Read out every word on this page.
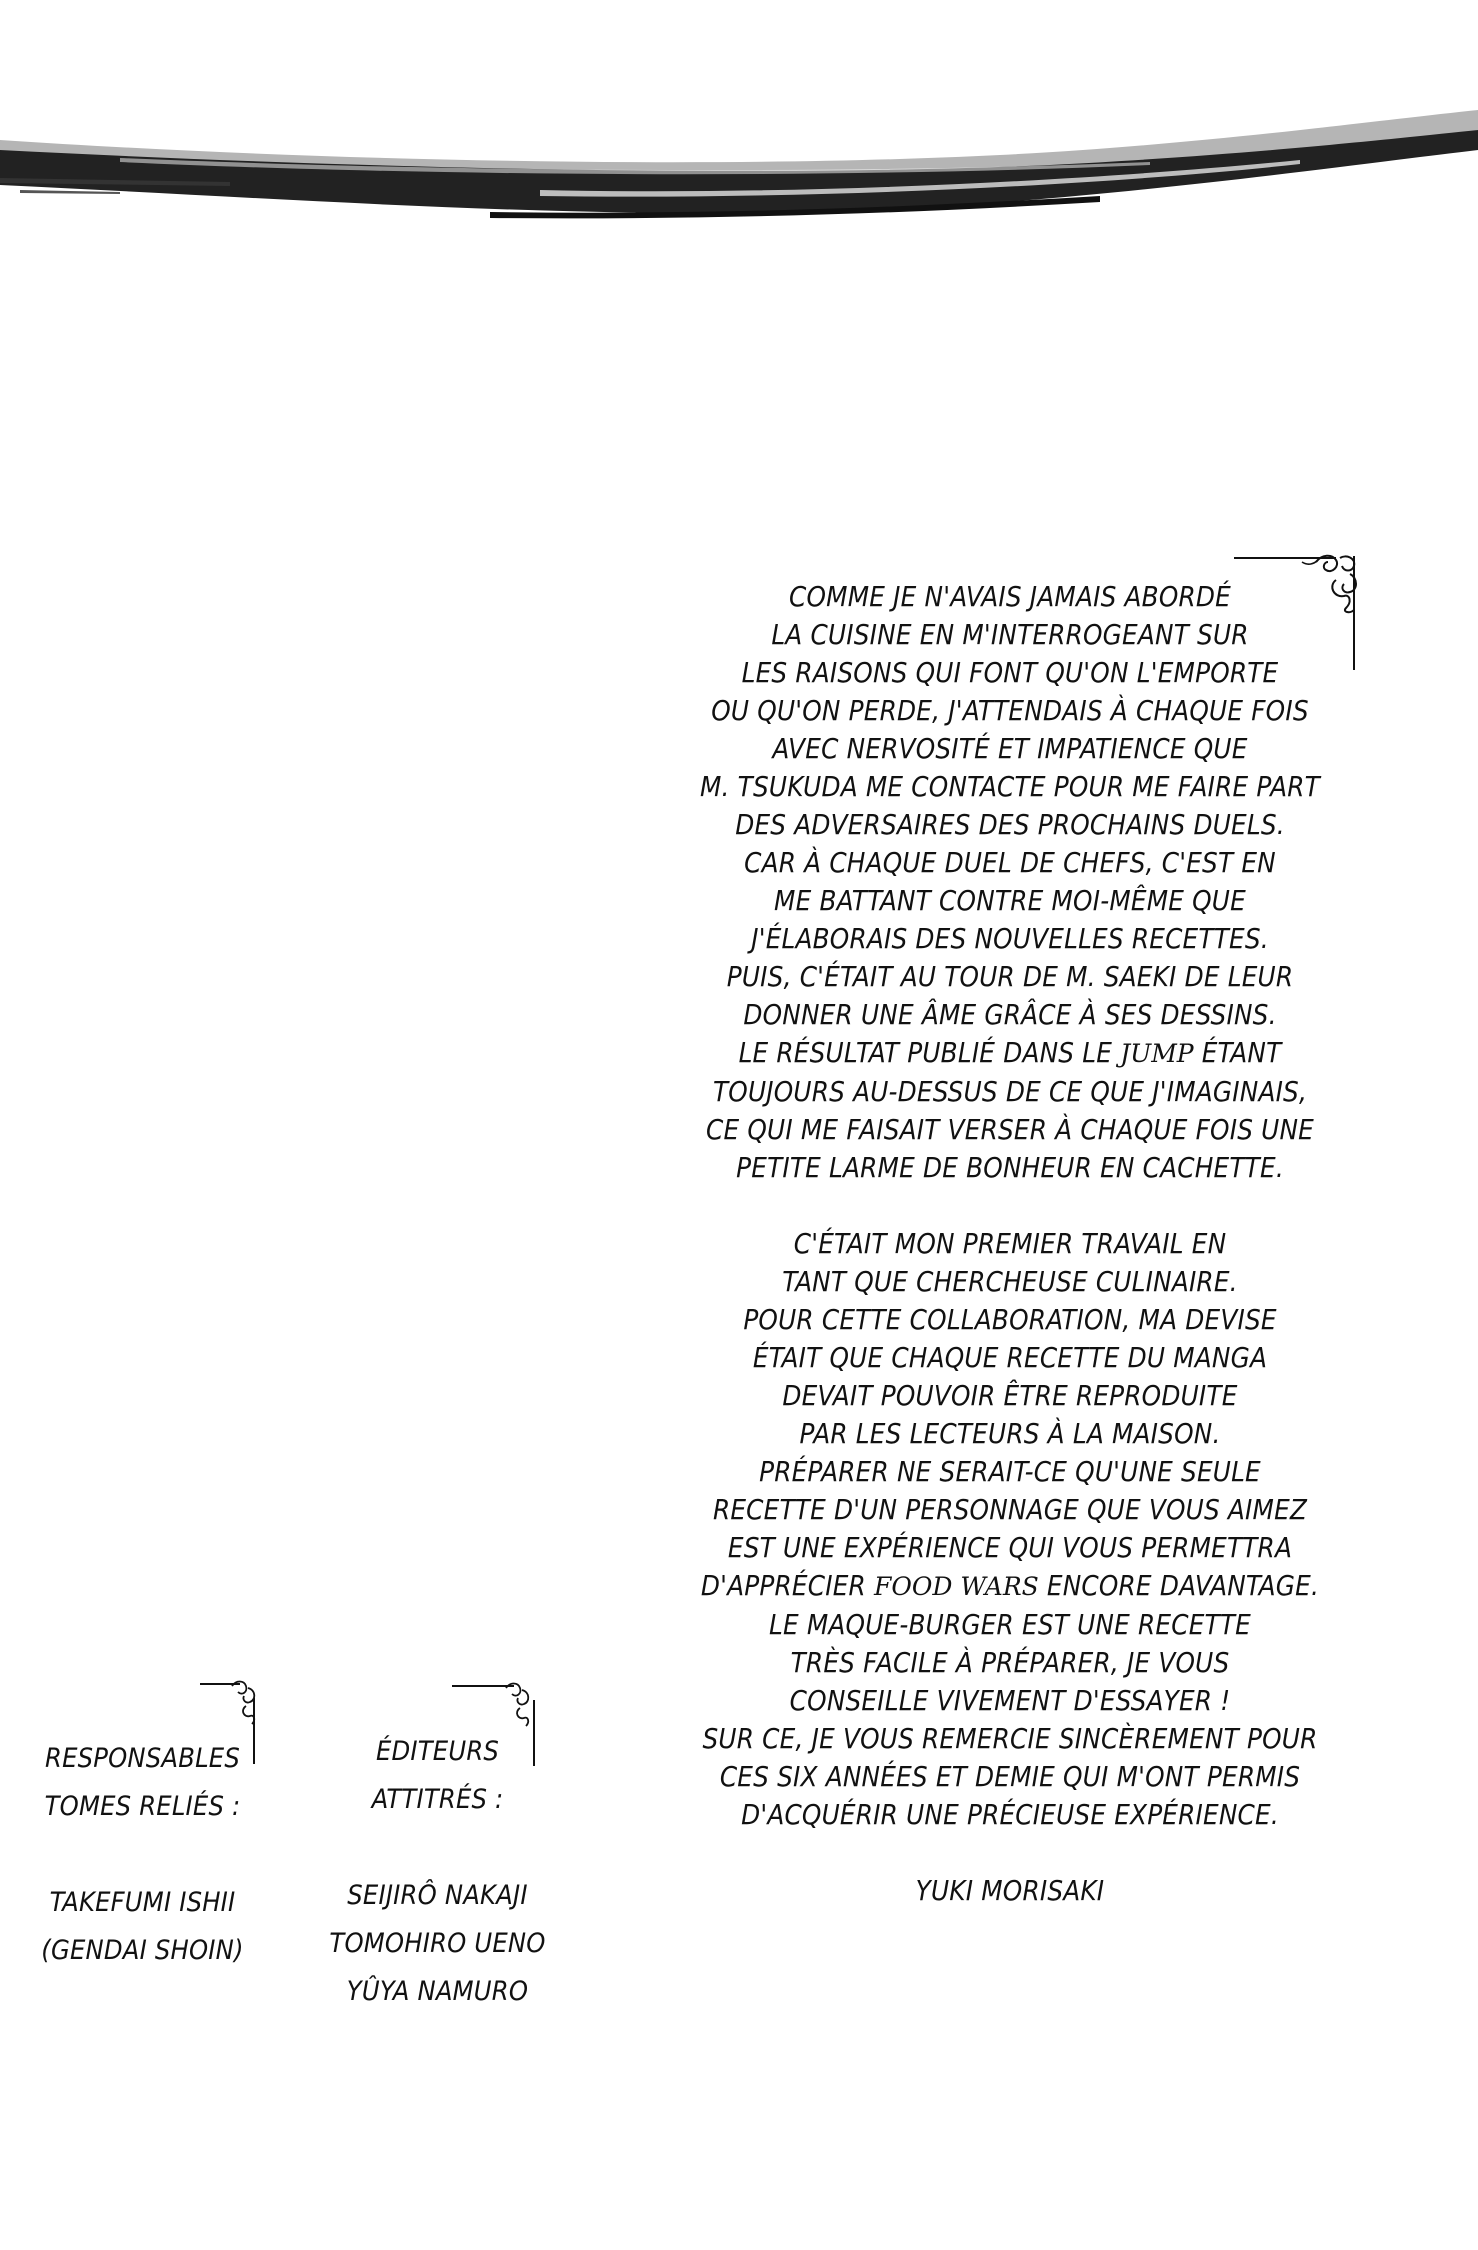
COMME JE N'AVAIS JAMAIS ABORDÉ
LA CUISINE EN M'INTERROGEANT SUR
LES RAISONS QUI FONT QU'ON L'EMPORTE
OU QU'ON PERDE, J'ATTENDAIS À CHAQUE FOIS
AVEC NERVOSITÉ ET IMPATIENCE QUE
M. TSUKUDA ME CONTACTE POUR ME FAIRE PART
DES ADVERSAIRES DES PROCHAINS DUELS.
CAR À CHAQUE DUEL DE CHEFS, C'EST EN
ME BATTANT CONTRE MOI-MÊME QUE
J'ÉLABORAIS DES NOUVELLES RECETTES.
PUIS, C'ÉTAIT AU TOUR DE M. SAEKI DE LEUR
DONNER UNE ÂME GRÂCE À SES DESSINS.
LE RÉSULTAT PUBLIÉ DANS LE JUMP ÉTANT
TOUJOURS AU-DESSUS DE CE QUE J'IMAGINAIS,
CE QUI ME FAISAIT VERSER À CHAQUE FOIS UNE
PETITE LARME DE BONHEUR EN CACHETTE.

C'ÉTAIT MON PREMIER TRAVAIL EN
TANT QUE CHERCHEUSE CULINAIRE.
POUR CETTE COLLABORATION, MA DEVISE
ÉTAIT QUE CHAQUE RECETTE DU MANGA
DEVAIT POUVOIR ÊTRE REPRODUITE
PAR LES LECTEURS À LA MAISON.
PRÉPARER NE SERAIT-CE QU'UNE SEULE
RECETTE D'UN PERSONNAGE QUE VOUS AIMEZ
EST UNE EXPÉRIENCE QUI VOUS PERMETTRA
D'APPRÉCIER FOOD WARS ENCORE DAVANTAGE.
LE MAQUE-BURGER EST UNE RECETTE
TRÈS FACILE À PRÉPARER, JE VOUS
CONSEILLE VIVEMENT D'ESSAYER !
SUR CE, JE VOUS REMERCIE SINCÈREMENT POUR
CES SIX ANNÉES ET DEMIE QUI M'ONT PERMIS
D'ACQUÉRIR UNE PRÉCIEUSE EXPÉRIENCE.

YUKI MORISAKI

RESPONSABLES
TOMES RELIÉS :
TAKEFUMI ISHII
(GENDAI SHOIN)
ÉDITEURS
ATTITRÉS :
SEIJIRÔ NAKAJI
TOMOHIRO UENO
YÛYA NAMURO
